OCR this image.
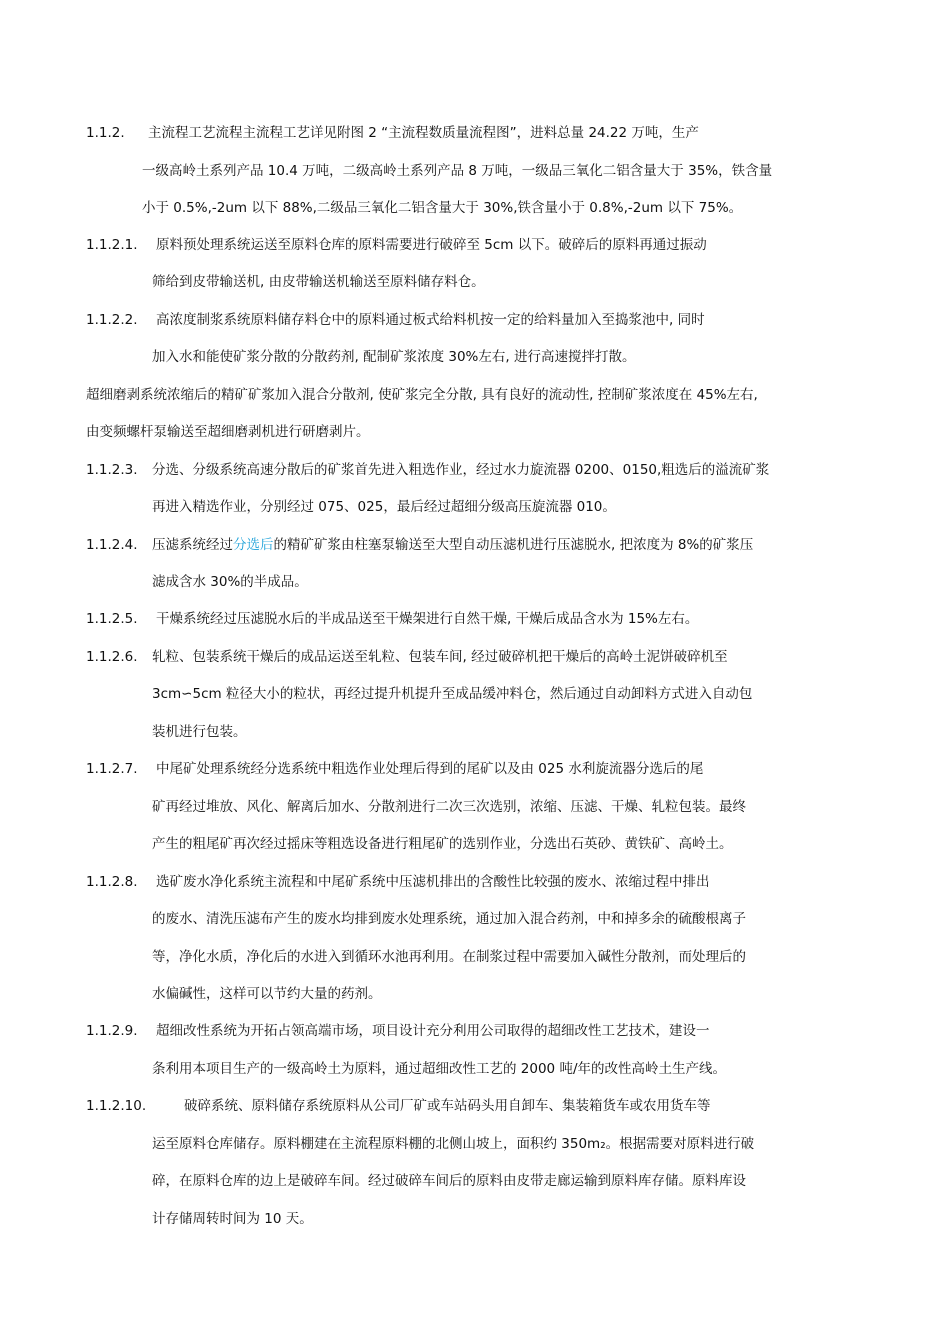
1.1.2. 主流程工艺流程主流程工艺详见附图 2 “主流程数质量流程图”，进料总量 24.22 万吨，生产
一级高岭土系列产品 10.4 万吨，二级高岭土系列产品 8 万吨，一级品三氧化二铝含量大于 35%，铁含量
小于 0.5%,-2um 以下 88%,二级品三氧化二铝含量大于 30%,铁含量小于 0.8%,-2um 以下 75%。
1.1.2.1. 原料预处理系统运送至原料仓库的原料需要进行破碎至 5cm 以下。破碎后的原料再通过振动
筛给到皮带输送机, 由皮带输送机输送至原料储存料仓。
1.1.2.2. 高浓度制浆系统原料储存料仓中的原料通过板式给料机按一定的给料量加入至捣浆池中, 同时
加入水和能使矿浆分散的分散药剂, 配制矿浆浓度 30%左右, 进行高速搅拌打散。
超细磨剥系统浓缩后的精矿矿浆加入混合分散剂, 使矿浆完全分散, 具有良好的流动性, 控制矿浆浓度在 45%左右,
由变频螺杆泵输送至超细磨剥机进行研磨剥片。
1.1.2.3. 分选、分级系统高速分散后的矿浆首先进入粗选作业，经过水力旋流器 0200、0150,粗选后的溢流矿浆
再进入精选作业，分别经过 075、025，最后经过超细分级高压旋流器 010。
1.1.2.4. 压滤系统经过分选后的精矿矿浆由柱塞泵输送至大型自动压滤机进行压滤脱水, 把浓度为 8%的矿浆压
滤成含水 30%的半成品。
1.1.2.5. 干燥系统经过压滤脱水后的半成品送至干燥架进行自然干燥, 干燥后成品含水为 15%左右。
1.1.2.6. 轧粒、包装系统干燥后的成品运送至轧粒、包装车间, 经过破碎机把干燥后的高岭土泥饼破碎机至
3cm∽5cm 粒径大小的粒状，再经过提升机提升至成品缓冲料仓，然后通过自动卸料方式进入自动包
装机进行包装。
1.1.2.7. 中尾矿处理系统经分选系统中粗选作业处理后得到的尾矿以及由 025 水利旋流器分选后的尾
矿再经过堆放、风化、解离后加水、分散剂进行二次三次选别，浓缩、压滤、干燥、轧粒包装。最终
产生的粗尾矿再次经过摇床等粗选设备进行粗尾矿的选别作业，分选出石英砂、黄铁矿、高岭土。
1.1.2.8. 选矿废水净化系统主流程和中尾矿系统中压滤机排出的含酸性比较强的废水、浓缩过程中排出
的废水、清洗压滤布产生的废水均排到废水处理系统，通过加入混合药剂，中和掉多余的硫酸根离子
等，净化水质，净化后的水进入到循环水池再利用。在制浆过程中需要加入碱性分散剂，而处理后的
水偏碱性，这样可以节约大量的药剂。
1.1.2.9. 超细改性系统为开拓占领高端市场，项目设计充分利用公司取得的超细改性工艺技术，建设一
条利用本项目生产的一级高岭土为原料，通过超细改性工艺的 2000 吨/年的改性高岭土生产线。
1.1.2.10.	破碎系统、原料储存系统原料从公司厂矿或车站码头用自卸车、集装箱货车或农用货车等
运至原料仓库储存。原料棚建在主流程原料棚的北侧山坡上，面积约 350m₂。根据需要对原料进行破
碎，在原料仓库的边上是破碎车间。经过破碎车间后的原料由皮带走廊运输到原料库存储。原料库设
计存储周转时间为 10 天。
